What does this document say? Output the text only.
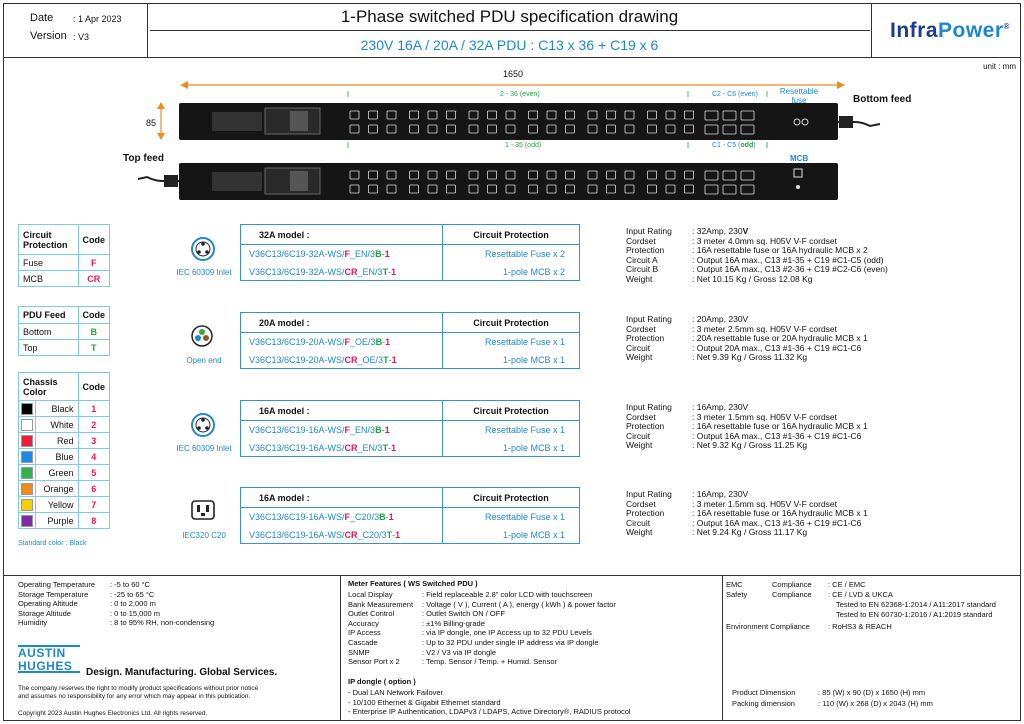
Date : 1 Apr 2023
Version : V3
1-Phase switched PDU specification drawing
230V 16A / 20A / 32A PDU : C13 x 36 + C19 x 6
InfraPower®
unit : mm
1650
85
2 - 36 (even)	C2 - C6 (even)
1 - 35 (odd)	C1 - C5 (odd)
Resettable fuse
MCB
Bottom feed
Top feed
Circuit Protection	Code
Fuse	F
MCB	CR
PDU Feed	Code
Bottom	B
Top	T
Chassis Color		Code

	Black	1

	White	2

	Red	3

	Blue	4

	Green	5

	Orange	6

	Yellow	7

	Purple	8
Standard color : Black
IEC 60309 Inlet
32A model :	Circuit Protection
V36C13/6C19-32A-WS/F_EN/3B-1	Resettable Fuse x 2
V36C13/6C19-32A-WS/CR_EN/3T-1	1-pole MCB x 2
Input Rating : 32Amp, 230V
Cordset	: 3 meter 4.0mm sq. H05V V-F cordset
Protection	: 16A resettable fuse or 16A hydraulic MCB x 2
Circuit A	: Output 16A max., C13 #1-35 + C19 #C1-C5 (odd)
Circuit B	: Output 16A max., C13 #2-36 + C19 #C2-C6 (even)
Weight	: Net 10.15 Kg / Gross 12.08 Kg
Open end
20A model :	Circuit Protection
V36C13/6C19-20A-WS/F_OE/3B-1	Resettable Fuse x 1
V36C13/6C19-20A-WS/CR_OE/3T-1	1-pole MCB x 1
Input Rating : 20Amp, 230V
Cordset	: 3 meter 2.5mm sq. H05V V-F cordset
Protection	: 20A resettable fuse or 20A hydraulic MCB x 1
Circuit	: Output 20A max., C13 #1-36 + C19 #C1-C6
Weight	: Net 9.39 Kg / Gross 11.32 Kg
IEC 60309 Inlet
16A model :	Circuit Protection
V36C13/6C19-16A-WS/F_EN/3B-1	Resettable Fuse x 1
V36C13/6C19-16A-WS/CR_EN/3T-1	1-pole MCB x 1
Input Rating : 16Amp, 230V
Cordset	: 3 meter 1.5mm sq. H05V V-F cordset
Protection	: 16A resettable fuse or 16A hydraulic MCB x 1
Circuit	: Output 16A max., C13 #1-36 + C19 #C1-C6
Weight	: Net 9.32 Kg / Gross 11.25 Kg
IEC320 C20
16A model :	Circuit Protection
V36C13/6C19-16A-WS/F_C20/3B-1	Resettable Fuse x 1
V36C13/6C19-16A-WS/CR_C20/3T-1	1-pole MCB x 1
Input Rating : 16Amp, 230V
Cordset	: 3 meter 1.5mm sq. H05V V-F cordset
Protection	: 16A resettable fuse or 16A hydraulic MCB x 1
Circuit	: Output 16A max., C13 #1-36 + C19 #C1-C6
Weight	: Net 9.24 Kg / Gross 11.17 Kg
Operating Temperature : -5 to 60 °C
Storage Temperature	: -25 to 65 °C
Operating Altitude	: 0 to 2,000 m
Storage Altitude	: 0 to 15,000 m
Humidity	: 8 to 95% RH, non-condensing
AUSTIN
HUGHES	Design. Manufacturing. Global Services.
The company reserves the right to modify product specifications without prior notice
and assumes no responsibility for any error which may appear in this publication.
Copyright 2023 Austin Hughes Electronics Ltd. All rights reserved.
Meter Features ( WS Switched PDU )
Local Display	: Field replaceable 2.8" color LCD with touchscreen
Bank Measurement : Voltage ( V ), Current ( A ), energy ( kWh ) & power factor
Outlet Control	: Outlet Switch ON / OFF
Accuracy	: ±1% Billing-grade
IP Access	: via IP dongle, one IP Access up to 32 PDU Levels
Cascade	: Up to 32 PDU under single IP address via IP dongle
SNMP	: V2 / V3 via IP dongle
Sensor Port x 2	: Temp. Sensor / Temp. + Humid. Sensor
IP dongle ( option )
- Dual LAN Network Failover
- 10/100 Ethernet & Gigabit Ethernet standard
- Enterprise IP Authentication, LDAPv3 / LDAPS, Active Directory®, RADIUS protocol
EMC	Compliance : CE / EMC
Safety	Compliance : CE / LVD & UKCA
Tested to EN 62368-1:2014 / A11:2017 standard
Tested to EN 60730-1:2016 / A1:2019 standard
Environment Compliance : RoHS3 & REACH
Product Dimension	: 85 (W) x 90 (D) x 1650 (H) mm
Packing dimension	: 110 (W) x 268 (D) x 2043 (H) mm
